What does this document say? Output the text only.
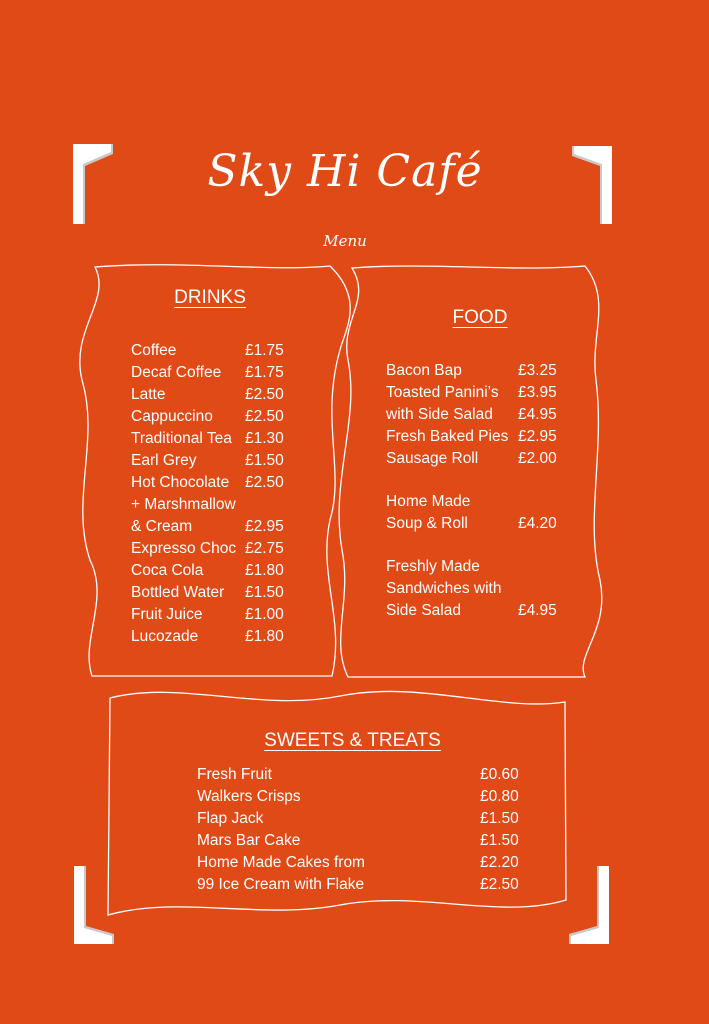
Sky Hi Café
Menu
DRINKS
Coffee	£1.75
Decaf Coffee £1.75
Latte	£2.50
Cappuccino £2.50
Traditional Tea £1.30
Earl Grey	£1.50
Hot Chocolate £2.50
+ Marshmallow
& Cream	£2.95
Expresso Choc £2.75
Coca Cola	£1.80
Bottled Water £1.50
Fruit Juice	£1.00
Lucozade	£1.80
FOOD
Bacon Bap	£3.25
Toasted Panini’s £3.95
with Side Salad £4.95
Fresh Baked Pies £2.95
Sausage Roll	£2.00
Home Made
Soup & Roll	£4.20
Freshly Made
Sandwiches with
Side Salad	£4.95
SWEETS & TREATS
Fresh Fruit	£0.60
Walkers Crisps	£0.80
Flap Jack	£1.50
Mars Bar Cake	£1.50
Home Made Cakes from	£2.20
99 Ice Cream with Flake	£2.50
